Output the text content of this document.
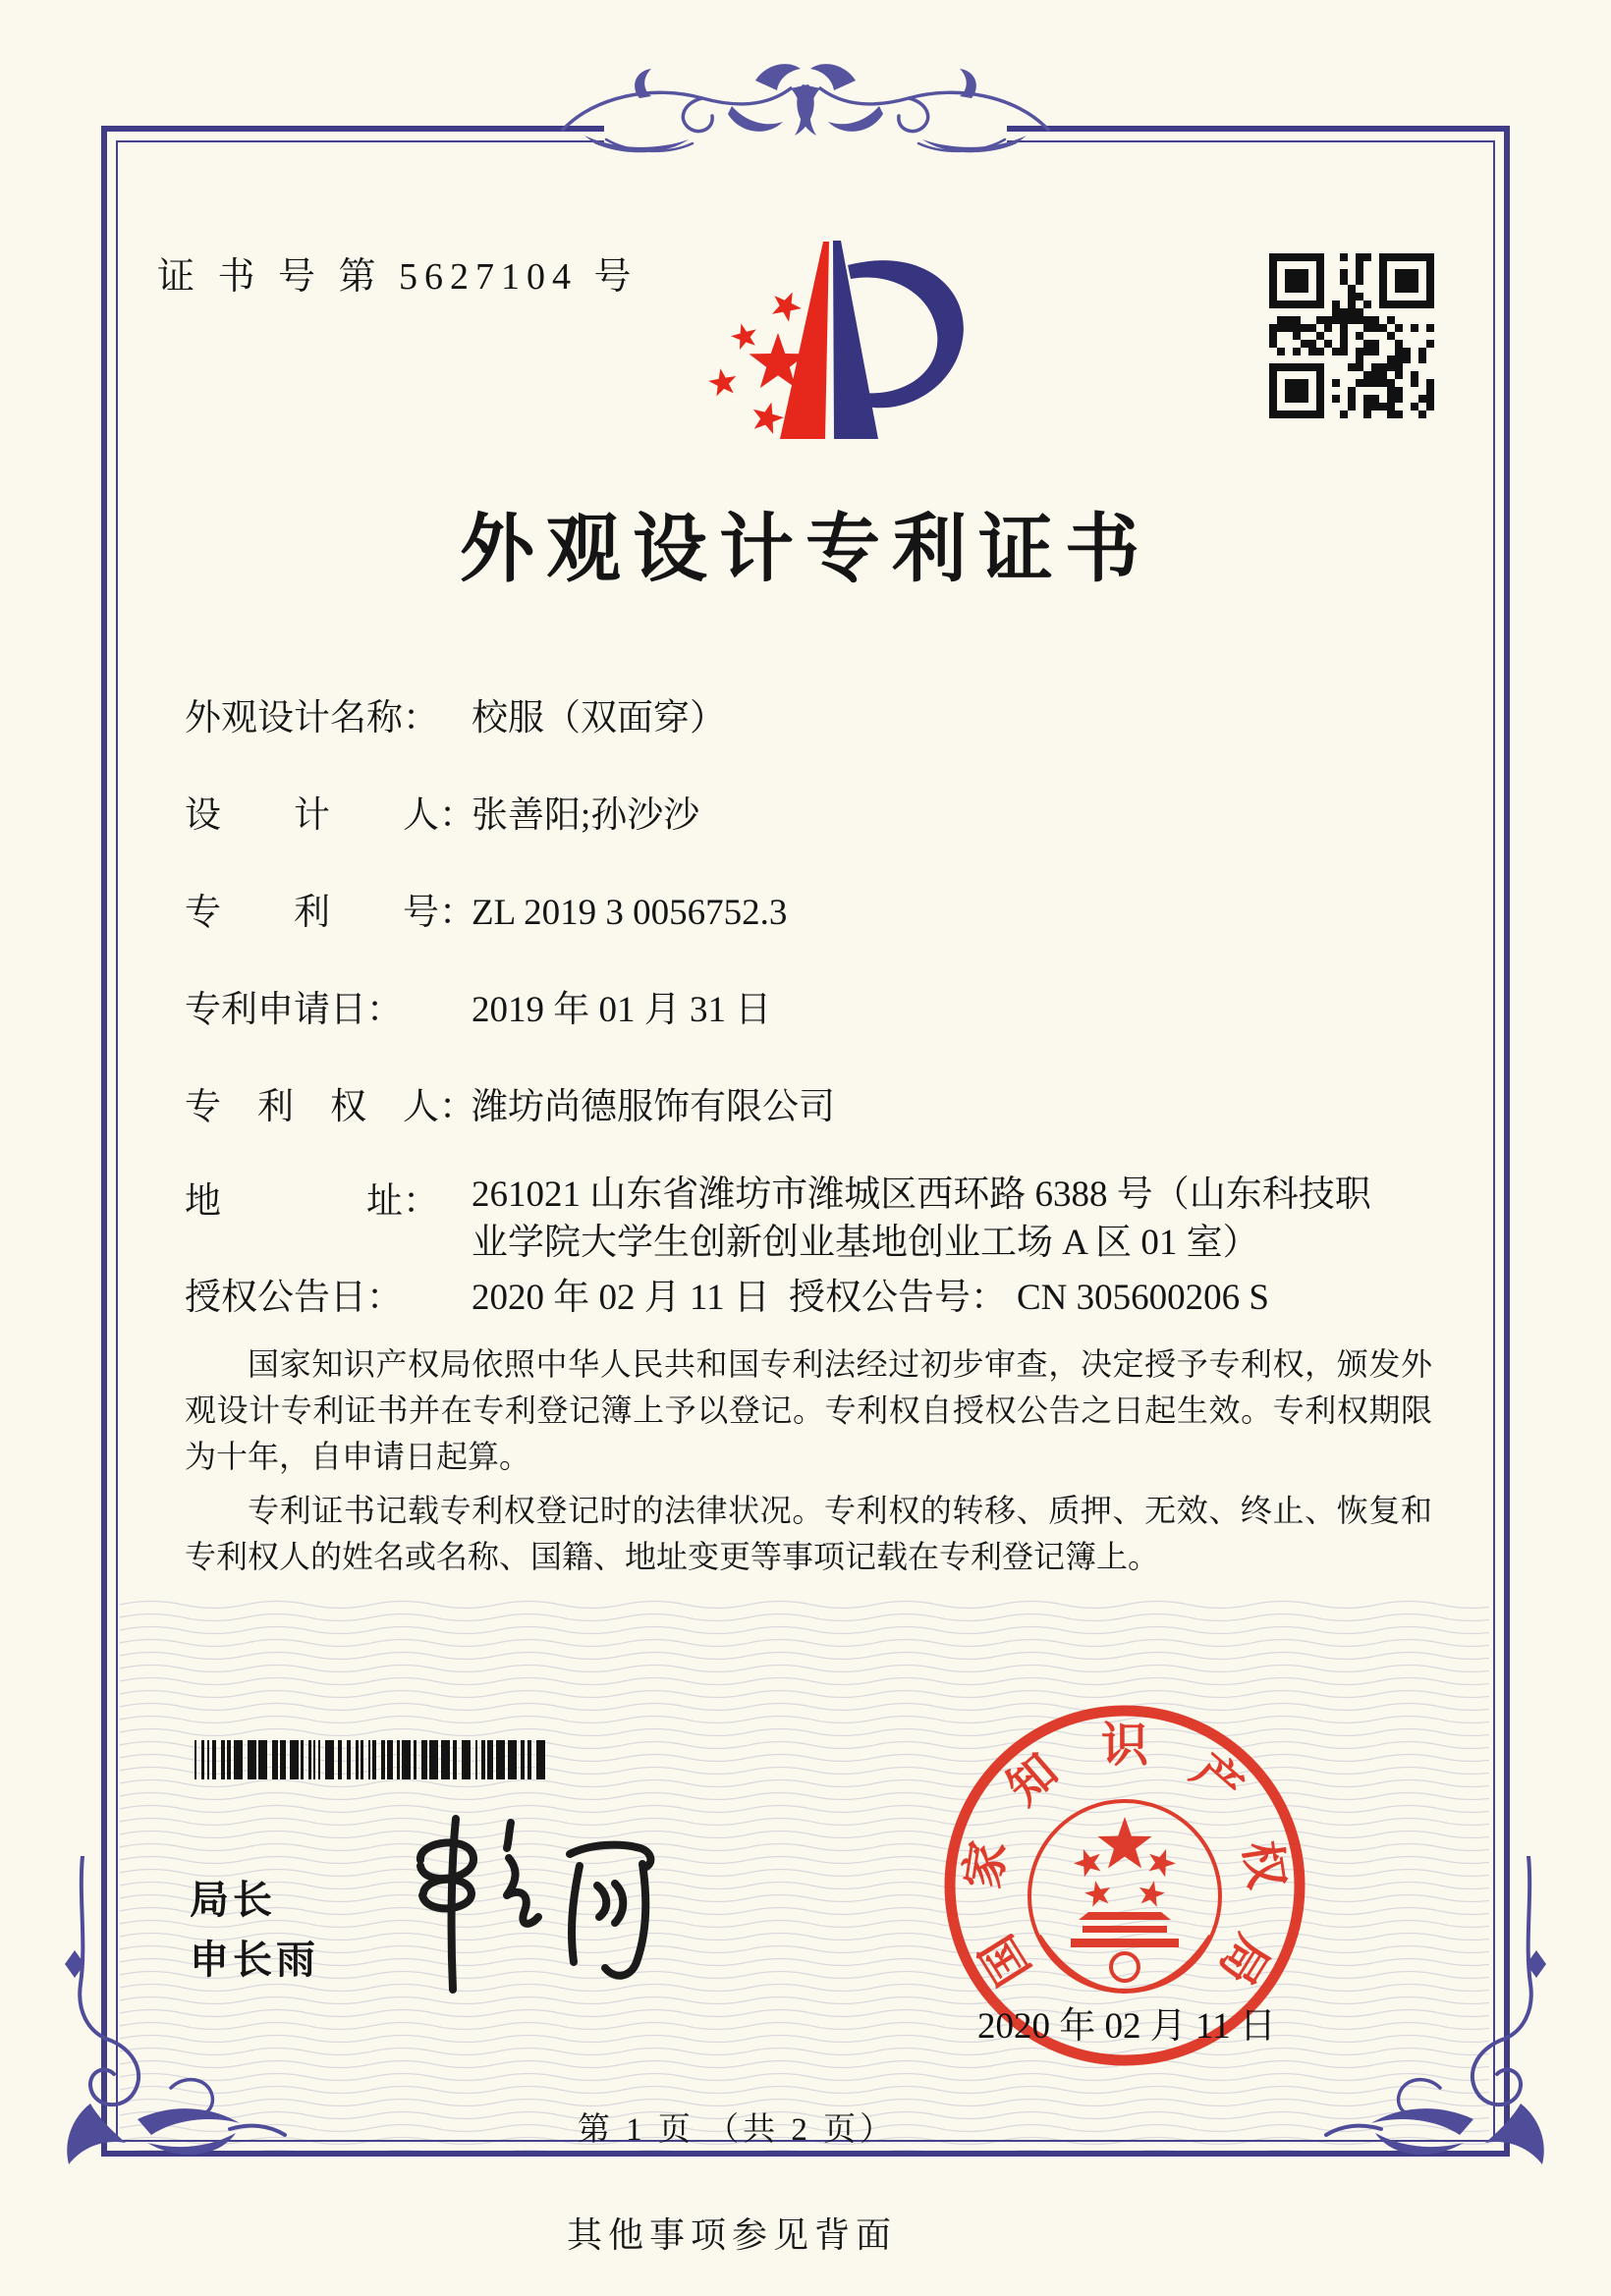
证 书 号 第 5627104 号
外观设计专利证书
外观设计名称： 校服（双面穿）
设　　计　　人：张善阳;孙沙沙
专　　利　　号：ZL 2019 3 0056752.3
专利申请日： 2019 年 01 月 31 日
专　利　权　人：潍坊尚德服饰有限公司
地　　　　址： 261021 山东省潍坊市潍城区西环路 6388 号（山东科技职
业学院大学生创新创业基地创业工场 A 区 01 室）
授权公告日： 2020 年 02 月 11 日 授权公告号： CN 305600206 S

国家知识产权局依照中华人民共和国专利法经过初步审查，决定授予专利权，颁发外观设计专利证书并在专利登记簿上予以登记。专利权自授权公告之日起生效。专利权期限为十年，自申请日起算。

专利证书记载专利权登记时的法律状况。专利权的转移、质押、无效、终止、恢复和专利权人的姓名或名称、国籍、地址变更等事项记载在专利登记簿上。

局长
申长雨	国
家
知 识 产
权
局
2020 年 02 月 11 日
第 1 页 （共 2 页）
其他事项参见背面
